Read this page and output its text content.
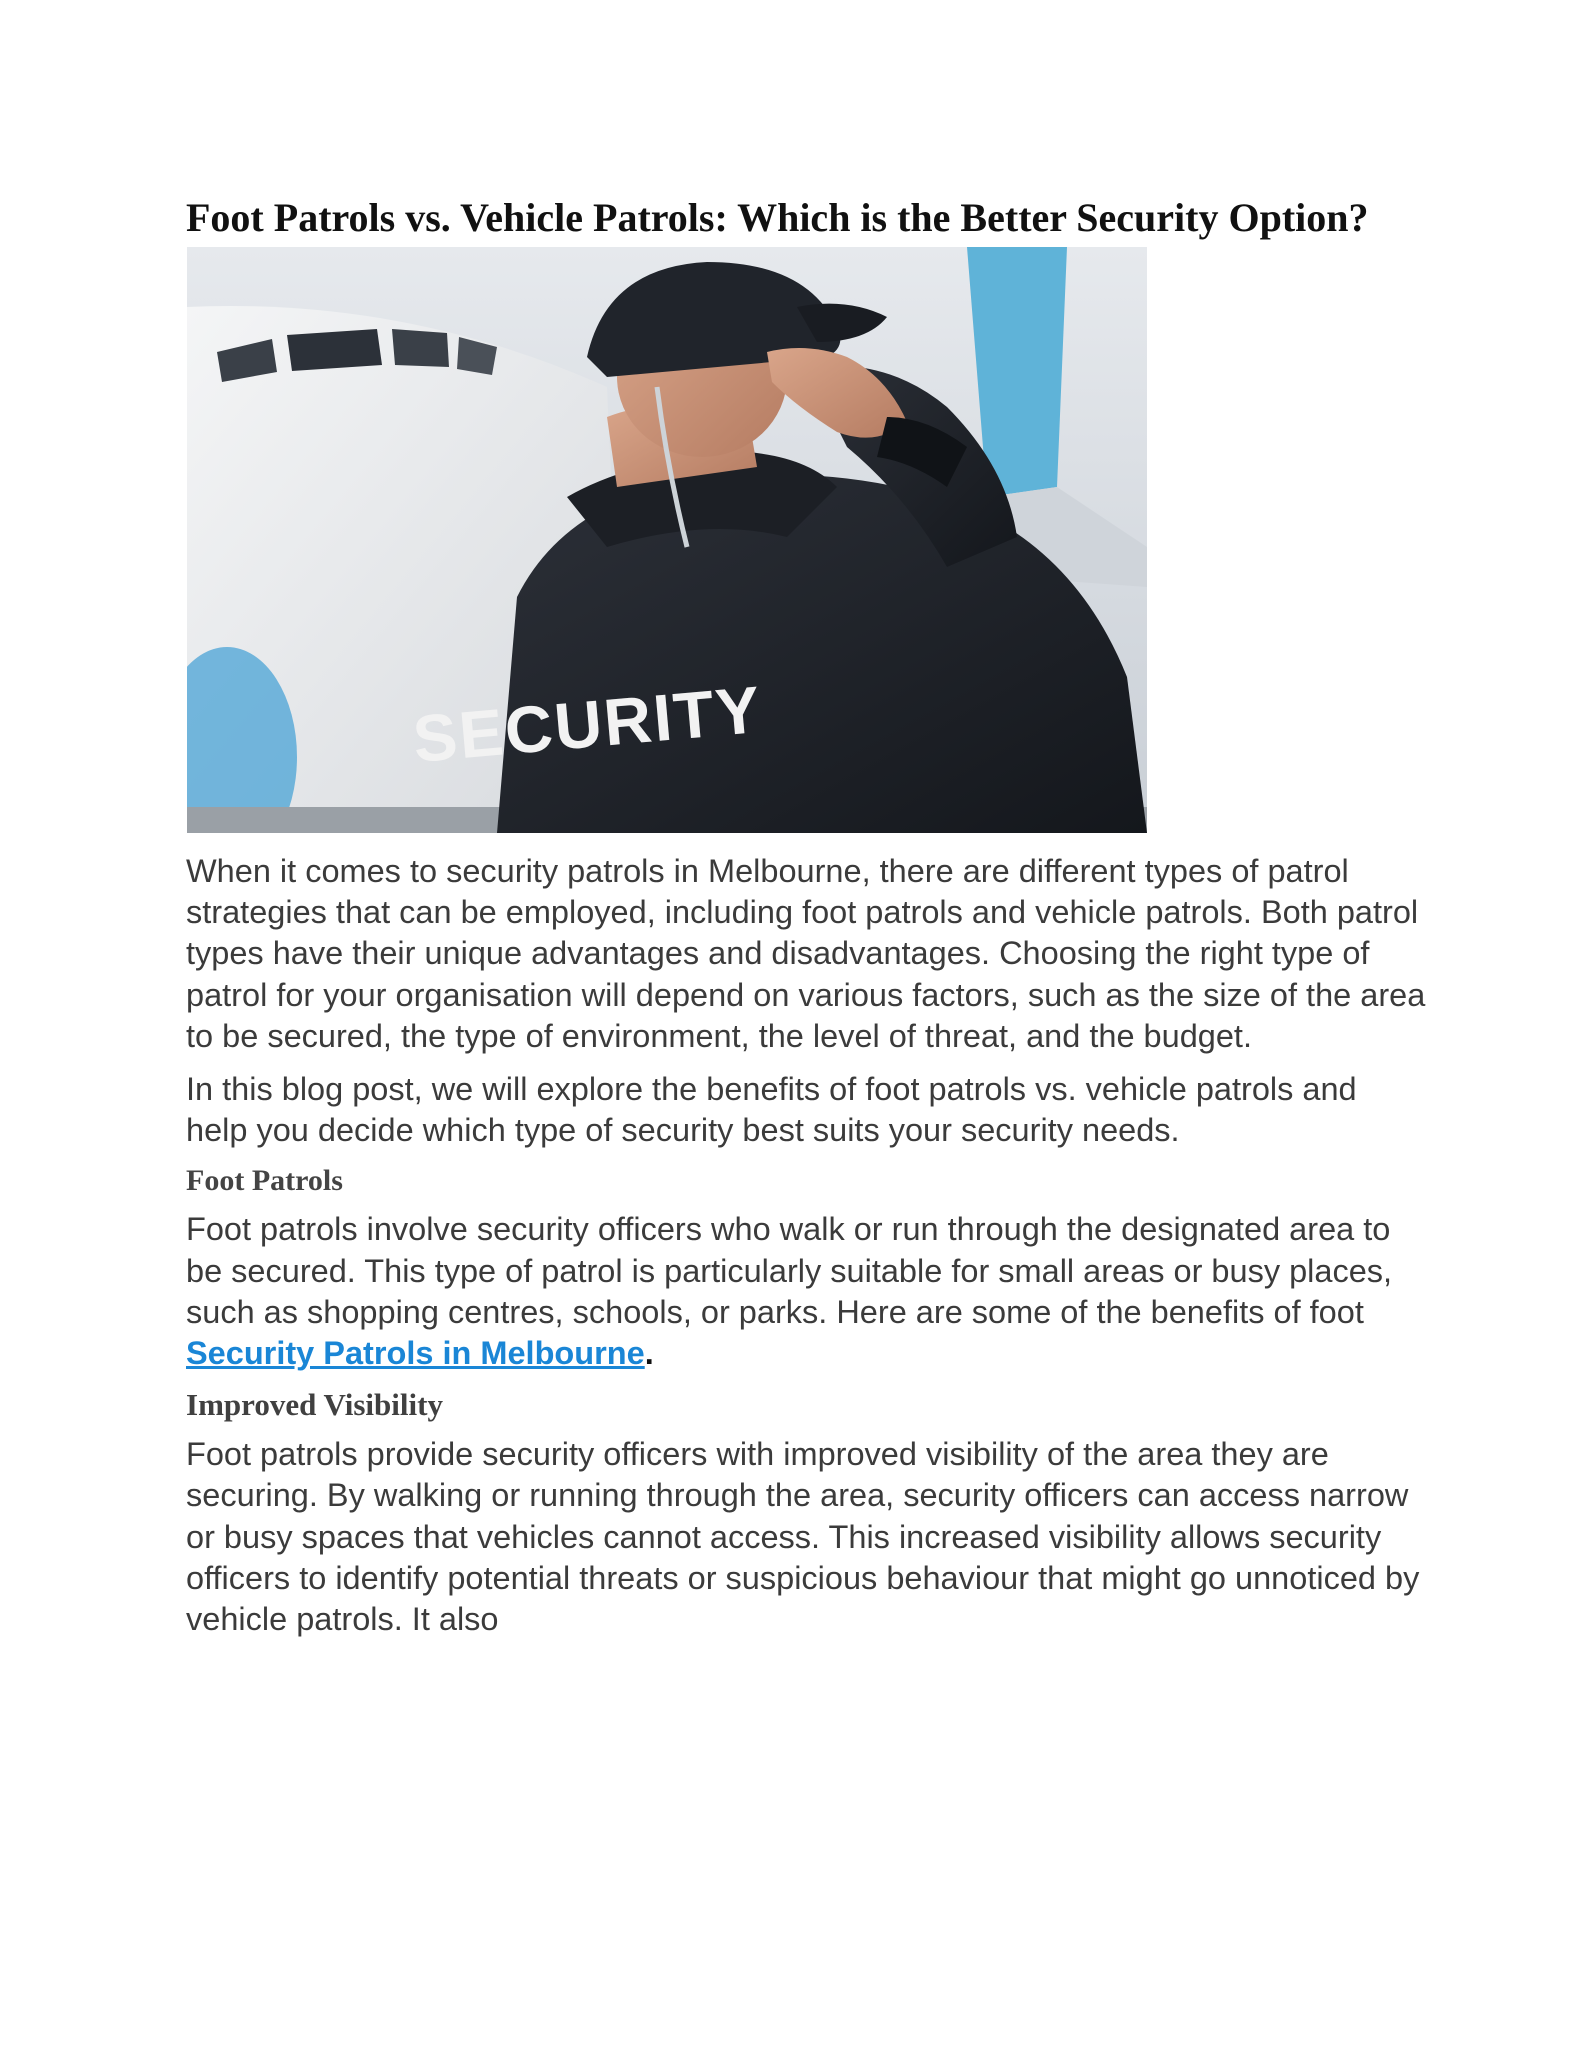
Foot Patrols vs. Vehicle Patrols: Which is the Better Security Option?
SECURITY

When it comes to security patrols in Melbourne, there are different types of patrol strategies that can be employed, including foot patrols and vehicle patrols. Both patrol types have their unique advantages and disadvantages. Choosing the right type of patrol for your organisation will depend on various factors, such as the size of the area to be secured, the type of environment, the level of threat, and the budget.

In this blog post, we will explore the benefits of foot patrols vs. vehicle patrols and help you decide which type of security best suits your security needs.

Foot Patrols

Foot patrols involve security officers who walk or run through the designated area to be secured. This type of patrol is particularly suitable for small areas or busy places, such as shopping centres, schools, or parks. Here are some of the benefits of foot Security Patrols in Melbourne.

Improved Visibility

Foot patrols provide security officers with improved visibility of the area they are securing. By walking or running through the area, security officers can access narrow or busy spaces that vehicles cannot access. This increased visibility allows security officers to identify potential threats or suspicious behaviour that might go unnoticed by vehicle patrols. It also
